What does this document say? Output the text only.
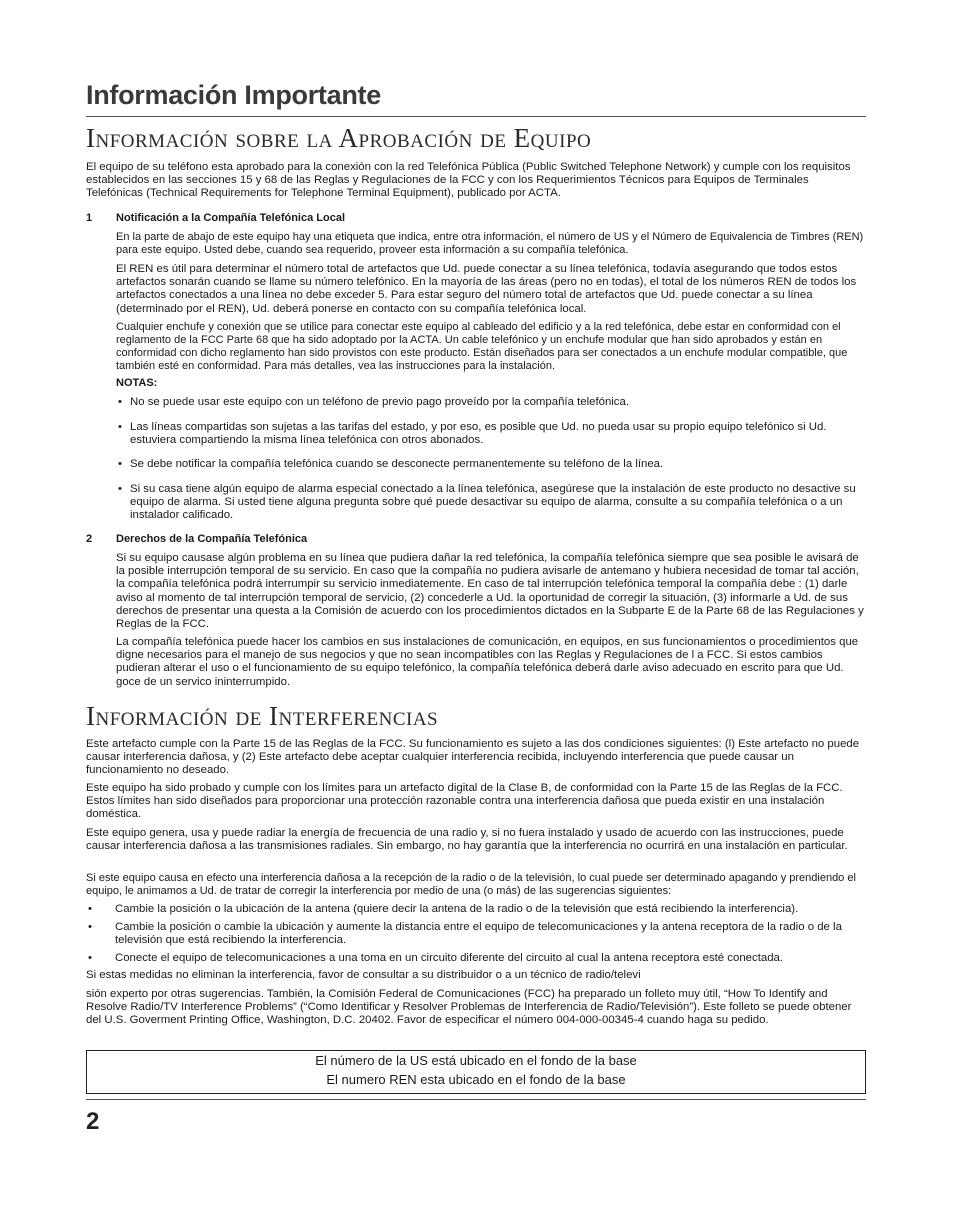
Información Importante
Información sobre la Aprobación de Equipo

El equipo de su teléfono esta aprobado para la conexión con la red Telefónica Pública (Public Switched Telephone Network) y cumple con los requisitos establecidos en las secciones 15 y 68 de las Reglas y Regulaciones de la FCC y con los Requerimientos Técnicos para Equipos de Terminales Telefónicas (Technical Requirements for Telephone Terminal Equipment), publicado por ACTA.

1 Notificación a la Compañía Telefónica Local

En la parte de abajo de este equipo hay una etiqueta que indica, entre otra información, el número de US y el Número de Equivalencia de Timbres (REN) para este equipo. Usted debe, cuando sea requerido, proveer esta información a su compañía telefónica.

El REN es útil para determinar el número total de artefactos que Ud. puede conectar a su línea telefónica, todavía asegurando que todos estos artefactos sonarán cuando se llame su número telefónico. En la mayoría de las áreas (pero no en todas), el total de los números REN de todos los artefactos conectados a una línea no debe exceder 5. Para estar seguro del número total de artefactos que Ud. puede conectar a su línea (determinado por el REN), Ud. deberá ponerse en contacto con su compañía telefónica local.

Cualquier enchufe y conexión que se utilice para conectar este equipo al cableado del edificio y a la red telefónica, debe estar en conformidad con el reglamento de la FCC Parte 68 que ha sido adoptado por la ACTA. Un cable telefónico y un enchufe modular que han sido aprobados y están en conformidad con dicho reglamento han sido provistos con este producto. Están diseñados para ser conectados a un enchufe modular compatible, que también esté en conformidad. Para más detalles, vea las instrucciones para la instalación.

NOTAS:
• No se puede usar este equipo con un teléfono de previo pago proveído por la compañía telefónica.
• Las líneas compartidas son sujetas a las tarifas del estado, y por eso, es posible que Ud. no pueda usar su propio equipo telefónico si Ud. estuviera compartiendo la misma línea telefónica con otros abonados.
• Se debe notificar la compañía telefónica cuando se desconecte permanentemente su teléfono de la línea.
• Si su casa tiene algún equipo de alarma especial conectado a la línea telefónica, asegúrese que la instalación de este producto no desactive su equipo de alarma. Si usted tiene alguna pregunta sobre qué puede desactivar su equipo de alarma, consulte a su compañía telefónica o a un instalador calificado.
2 Derechos de la Compañía Telefónica

Si su equipo causase algún problema en su línea que pudiera dañar la red telefónica, la compañía telefónica siempre que sea posible le avisará de la posible interrupción temporal de su servicio. En caso que la compañía no pudiera avisarle de antemano y hubiera necesidad de tomar tal acción, la compañía telefónica podrá interrumpir su servicio inmediatemente. En caso de tal interrupción telefónica temporal la compañía debe : (1) darle aviso al momento de tal interrupción temporal de servicio, (2) concederle a Ud. la oportunidad de corregir la situación, (3) informarle a Ud. de sus derechos de presentar una questa a la Comisión de acuerdo con los procedimientos dictados en la Subparte E de la Parte 68 de las Regulaciones y Reglas de la FCC.

La compañía telefónica puede hacer los cambios en sus instalaciones de comunicación, en equipos, en sus funcionamientos o procedimientos que digne necesarios para el manejo de sus negocios y que no sean incompatibles con las Reglas y Regulaciones de l a FCC. Si estos cambios pudieran alterar el uso o el funcionamiento de su equipo telefónico, la compañía telefónica deberá darle aviso adecuado en escrito para que Ud. goce de un servico ininterrumpido.

Información de Interferencias

Este artefacto cumple con la Parte 15 de las Reglas de la FCC. Su funcionamiento es sujeto a las dos condiciones siguientes: (l) Este artefacto no puede causar interferencia dañosa, y (2) Este artefacto debe aceptar cualquier interferencia recibida, incluyendo interferencia que puede causar un funcionamiento no deseado.

Este equipo ha sido probado y cumple con los límites para un artefacto digital de la Clase B, de conformidad con la Parte 15 de las Reglas de la FCC. Estos límites han sido diseñados para proporcionar una protección razonable contra una interferencia dañosa que pueda existir en una instalación doméstica.

Este equipo genera, usa y puede radiar la energía de frecuencia de una radio y, si no fuera instalado y usado de acuerdo con las instrucciones, puede causar interferencia dañosa a las transmisiones radiales. Sin embargo, no hay garantía que la interferencia no ocurrirá en una instalación en particular.

Si este equipo causa en efecto una interferencia dañosa a la recepción de la radio o de la televisión, lo cual puede ser determinado apagando y prendiendo el equipo, le animamos a Ud. de tratar de corregir la interferencia por medio de una (o más) de las sugerencias siguientes:

•	Cambie la posición o la ubicación de la antena (quiere decir la antena de la radio o de la televisión que está recibiendo la interferencia).
•	Cambie la posición o cambie la ubicación y aumente la distancia entre el equipo de telecomunicaciones y la antena receptora de la radio o de la televisión que está recibiendo la interferencia.
•	Conecte el equipo de telecomunicaciones a una toma en un circuito diferente del circuito al cual la antena receptora esté conectada.

Si estas medidas no eliminan la interferencia, favor de consultar a su distribuidor o a un técnico de radio/televi

sión experto por otras sugerencias. También, la Comisión Federal de Comunicaciones (FCC) ha preparado un folleto muy útil, “How To Identify and Resolve Radio/TV Interference Problems” (“Como Identificar y Resolver Problemas de Interferencia de Radio/Televisión”). Este folleto se puede obtener del U.S. Goverment Printing Office, Washington, D.C. 20402. Favor de especificar el número 004-000-00345-4 cuando haga su pedido.

El número de la US está ubicado en el fondo de la base
El numero REN esta ubicado en el fondo de la base
2
